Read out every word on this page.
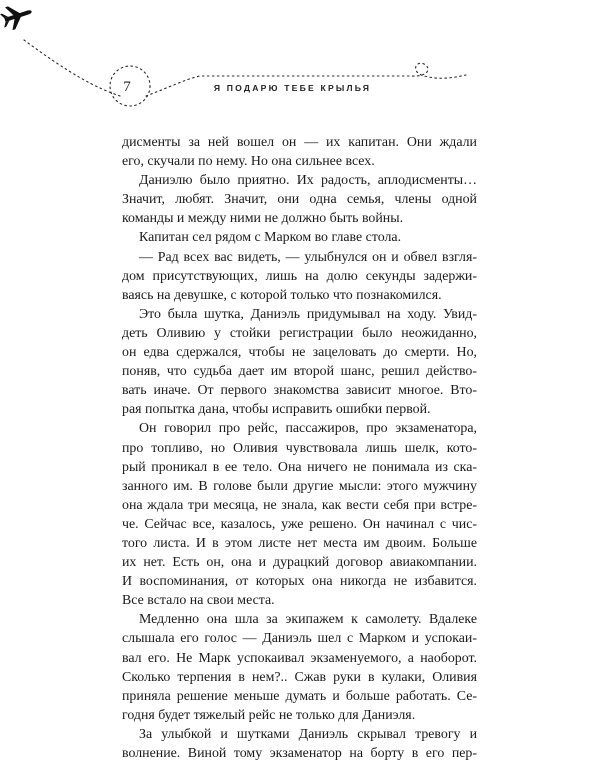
7	Я ПОДАРЮ ТЕБЕ КРЫЛЬЯ
дисменты за ней вошел он — их капитан. Они ждали
его, скучали по нему. Но она сильнее всех.
Даниэлю было приятно. Их радость, аплодисменты…
Значит, любят. Значит, они одна семья, члены одной
команды и между ними не должно быть войны.
Капитан сел рядом с Марком во главе стола.
— Рад всех вас видеть, — улыбнулся он и обвел взгля-
дом присутствующих, лишь на долю секунды задержи-
ваясь на девушке, с которой только что познакомился.
Это была шутка, Даниэль придумывал на ходу. Увид-
деть Оливию у стойки регистрации было неожиданно,
он едва сдержался, чтобы не зацеловать до смерти. Но,
поняв, что судьба дает им второй шанс, решил действо-
вать иначе. От первого знакомства зависит многое. Вто-
рая попытка дана, чтобы исправить ошибки первой.
Он говорил про рейс, пассажиров, про экзаменатора,
про топливо, но Оливия чувствовала лишь шелк, кото-
рый проникал в ее тело. Она ничего не понимала из ска-
занного им. В голове были другие мысли: этого мужчину
она ждала три месяца, не знала, как вести себя при встре-
че. Сейчас все, казалось, уже решено. Он начинал с чис-
того листа. И в этом листе нет места им двоим. Больше
их нет. Есть он, она и дурацкий договор авиакомпании.
И воспоминания, от которых она никогда не избавится.
Все встало на свои места.
Медленно она шла за экипажем к самолету. Вдалеке
слышала его голос — Даниэль шел с Марком и успокаи-
вал его. Не Марк успокаивал экзаменуемого, а наоборот.
Сколько терпения в нем?.. Сжав руки в кулаки, Оливия
приняла решение меньше думать и больше работать. Се-
годня будет тяжелый рейс не только для Даниэля.
За улыбкой и шутками Даниэль скрывал тревогу и
волнение. Виной тому экзаменатор на борту в его пер-
